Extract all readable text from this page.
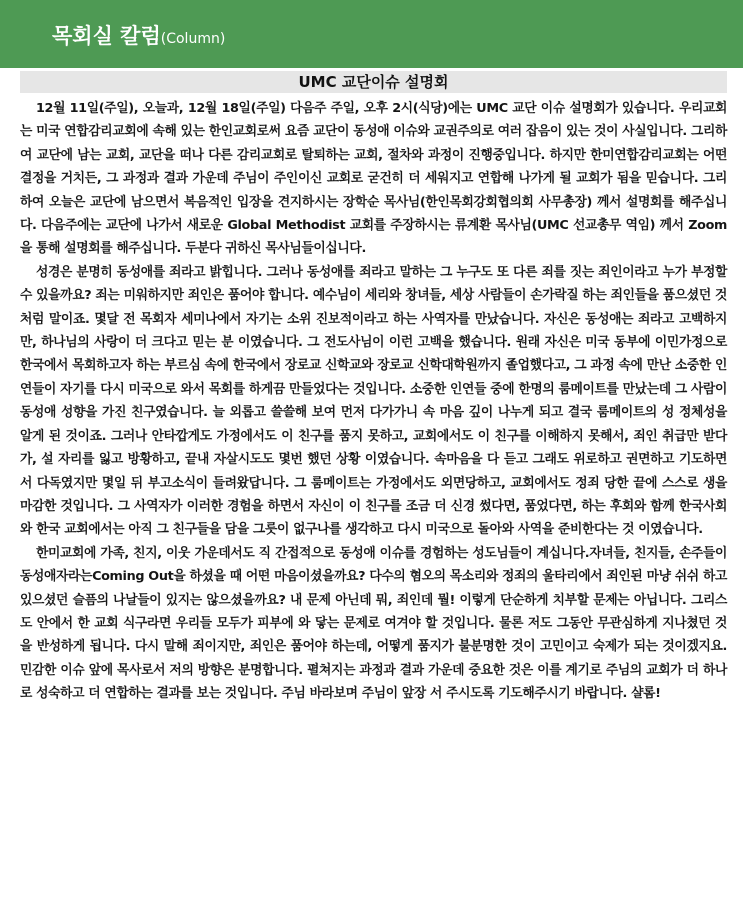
목회실 칼럼(Column)
UMC 교단이슈 설명회

12월 11일(주일), 오늘과, 12월 18일(주일) 다음주 주일, 오후 2시(식당)에는 UMC 교단 이슈 설명회가 있습니다. 우리교회는 미국 연합감리교회에 속해 있는 한인교회로써 요즘 교단이 동성애 이슈와 교권주의로 여러 잡음이 있는 것이 사실입니다. 그리하여 교단에 남는 교회, 교단을 떠나 다른 감리교회로 탈퇴하는 교회, 절차와 과정이 진행중입니다. 하지만 한미연합감리교회는 어떤 결정을 거치든, 그 과정과 결과 가운데 주님이 주인이신 교회로 굳건히 더 세워지고 연합해 나가게 될 교회가 됨을 믿습니다. 그리하여 오늘은 교단에 남으면서 복음적인 입장을 견지하시는 장학순 목사님(한인목회강회협의회 사무총장) 께서 설명회를 해주십니다. 다음주에는 교단에 나가서 새로운 Global Methodist 교회를 주장하시는 류계환 목사님(UMC 선교총무 역임) 께서 Zoom을 통해 설명회를 해주십니다. 두분다 귀하신 목사님들이십니다.

성경은 분명히 동성애를 죄라고 밝힙니다. 그러나 동성애를 죄라고 말하는 그 누구도 또 다른 죄를 짓는 죄인이라고 누가 부정할 수 있을까요? 죄는 미워하지만 죄인은 품어야 합니다. 예수님이 세리와 창녀들, 세상 사람들이 손가락질 하는 죄인들을 품으셨던 것처럼 말이죠. 몇달 전 목회자 세미나에서 자기는 소위 진보적이라고 하는 사역자를 만났습니다. 자신은 동성애는 죄라고 고백하지만, 하나님의 사랑이 더 크다고 믿는 분 이였습니다. 그 전도사님이 이런 고백을 했습니다. 원래 자신은 미국 동부에 이민가정으로 한국에서 목회하고자 하는 부르심 속에 한국에서 장로교 신학교와 장로교 신학대학원까지 졸업했다고, 그 과정 속에 만난 소중한 인연들이 자기를 다시 미국으로 와서 목회를 하게끔 만들었다는 것입니다. 소중한 인연들 중에 한명의 룸메이트를 만났는데 그 사람이 동성애 성향을 가진 친구였습니다. 늘 외롭고 쓸쓸해 보여 먼저 다가가니 속 마음 깊이 나누게 되고 결국 룸메이트의 성 정체성을 알게 된 것이죠. 그러나 안타깝게도 가정에서도 이 친구를 품지 못하고, 교회에서도 이 친구를 이해하지 못해서, 죄인 취급만 받다가, 설 자리를 잃고 방황하고, 끝내 자살시도도 몇번 했던 상황 이였습니다. 속마음을 다 듣고 그래도 위로하고 권면하고 기도하면서 다독였지만 몇일 뒤 부고소식이 들려왔답니다. 그 룸메이트는 가정에서도 외면당하고, 교회에서도 정죄 당한 끝에 스스로 생을 마감한 것입니다. 그 사역자가 이러한 경험을 하면서 자신이 이 친구를 조금 더 신경 썼다면, 품었다면, 하는 후회와 함께 한국사회와 한국 교회에서는 아직 그 친구들을 담을 그릇이 없구나를 생각하고 다시 미국으로 돌아와 사역을 준비한다는 것 이였습니다.

한미교회에 가족, 친지, 이웃 가운데서도 직 간접적으로 동성애 이슈를 경험하는 성도님들이 계십니다.자녀들, 친지들, 손주들이 동성애자라는Coming Out을 하셨을 때 어떤 마음이셨을까요? 다수의 혐오의 목소리와 정죄의 울타리에서 죄인된 마냥 쉬쉬 하고 있으셨던 슬픔의 나날들이 있지는 않으셨을까요? 내 문제 아닌데 뭐, 죄인데 뭘! 이렇게 단순하게 치부할 문제는 아닙니다. 그리스도 안에서 한 교회 식구라면 우리들 모두가 피부에 와 닿는 문제로 여겨야 할 것입니다. 물론 저도 그동안 무관심하게 지나쳤던 것을 반성하게 됩니다. 다시 말해 죄이지만, 죄인은 품어야 하는데, 어떻게 품지가 불분명한 것이 고민이고 숙제가 되는 것이겠지요. 민감한 이슈 앞에 목사로서 저의 방향은 분명합니다. 펼쳐지는 과정과 결과 가운데 중요한 것은 이를 계기로 주님의 교회가 더 하나로 성숙하고 더 연합하는 결과를 보는 것입니다. 주님 바라보며 주님이 앞장 서 주시도록 기도해주시기 바랍니다. 샬롬!
